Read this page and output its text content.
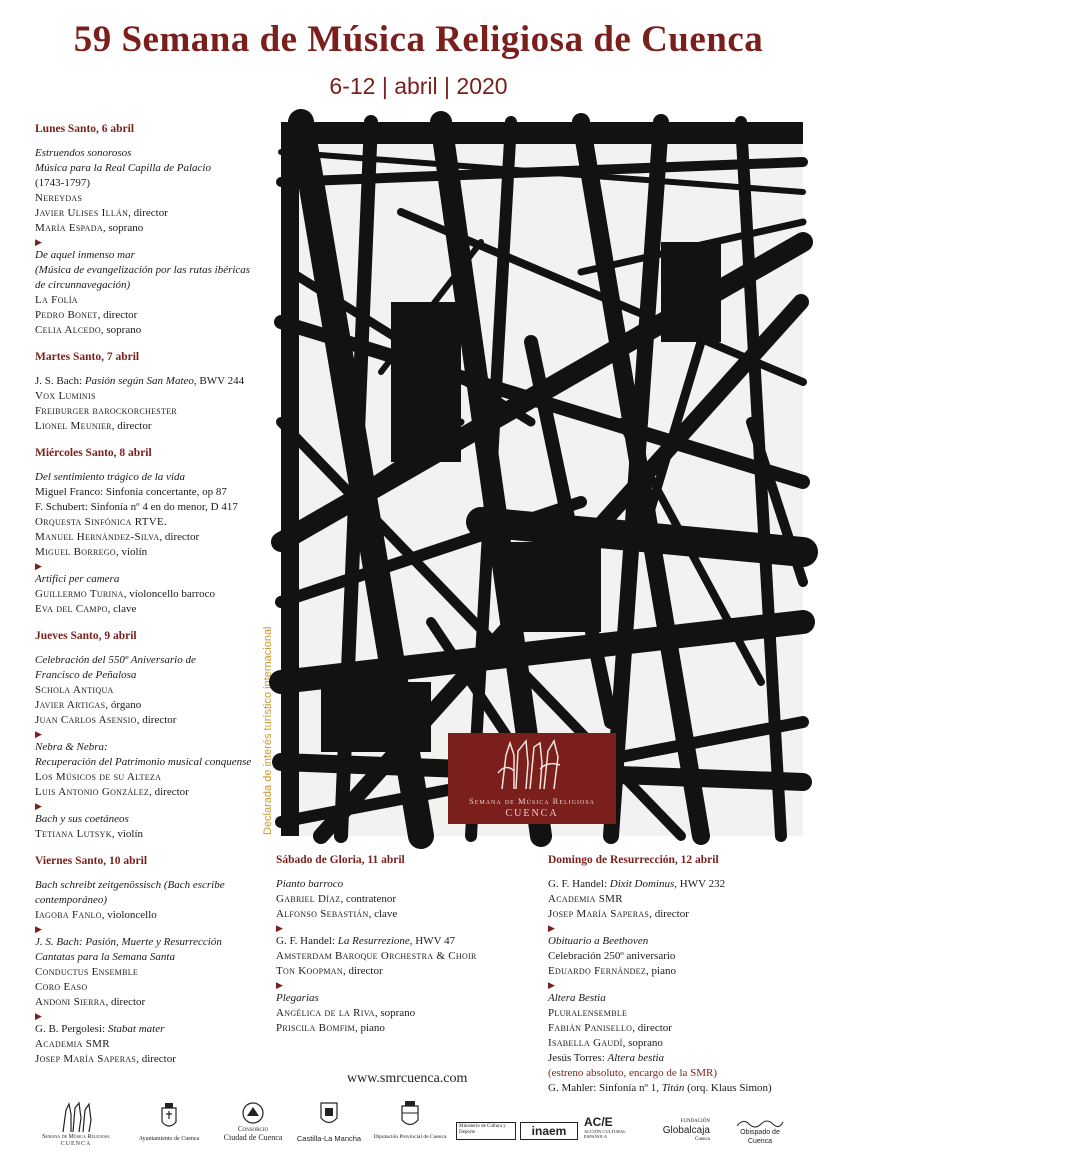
59 Semana de Música Religiosa de Cuenca
6-12 | abril | 2020
Lunes Santo, 6 abril
Estruendos sonorosos
Música para la Real Capilla de Palacio
(1743-1797)
Nereydas
Javier Ulises Illán, director
María Espada, soprano
▶
De aquel inmenso mar
(Música de evangelización por las rutas ibéricas
de circunnavegación)
La Folía
Pedro Bonet, director
Celia Alcedo, soprano
Martes Santo, 7 abril
J. S. Bach: Pasión según San Mateo, BWV 244
Vox Luminis
Freiburger barockorchester
Lionel Meunier, director
Miércoles Santo, 8 abril
Del sentimiento trágico de la vida
Miguel Franco: Sinfonía concertante, op 87
F. Schubert: Sinfonía nº 4 en do menor, D 417
Orquesta Sinfónica RTVE.
Manuel Hernández-Silva, director
Miguel Borrego, violín
▶
Artifici per camera
Guillermo Turina, violoncello barroco
Eva del Campo, clave
Jueves Santo, 9 abril
Celebración del 550º Aniversario de
Francisco de Peñalosa
Schola Antiqua
Javier Artigas, órgano
Juan Carlos Asensio, director
▶
Nebra & Nebra:
Recuperación del Patrimonio musical conquense
Los Músicos de su Alteza
Luis Antonio González, director
▶
Bach y sus coetáneos
Tetiana Lutsyk, violín
Viernes Santo, 10 abril
Bach schreibt zeitgenössisch (Bach escribe
contemporáneo)
Iagoba Fanlo, violoncello
▶
J. S. Bach: Pasión, Muerte y Resurrección
Cantatas para la Semana Santa
Conductus Ensemble
Coro Easo
Andoni Sierra, director
▶
G. B. Pergolesi: Stabat mater
Academia SMR
Josep María Saperas, director
Declarada de interés turístico internacional
José María Lillo
Semana de Música Religiosa
CUENCA
Sábado de Gloria, 11 abril
Pianto barroco
Gabriel Díaz, contratenor
Alfonso Sebastián, clave
▶
G. F. Handel: La Resurrezione, HWV 47
Amsterdam Baroque Orchestra & Choir
Ton Koopman, director
▶
Plegarias
Angélica de la Riva, soprano
Priscila Bomfim, piano
Domingo de Resurrección, 12 abril
G. F. Handel: Dixit Dominus, HWV 232
Academia SMR
Josep María Saperas, director
▶
Obituario a Beethoven
Celebración 250º aniversario
Eduardo Fernández, piano
▶
Altera Bestia
Pluralensemble
Fabián Panisello, director
Isabella Gaudí, soprano
Jesús Torres: Altera bestia
(estreno absoluto, encargo de la SMR)
G. Mahler: Sinfonía nº 1, Titán (orq. Klaus Simon)
www.smrcuenca.com
Semana de Música Religiosa
CUENCA
Ayuntamiento de Cuenca
Consorcio
Ciudad de Cuenca	Castilla-La Mancha	Diputación Provincial de Cuenca
Ministerio de Cultura y Deporte	inaem
AC/E
ACCIÓN CULTURAL ESPAÑOLA
FUNDACIÓN
Globalcaja
Cuenca
Obispado de Cuenca
